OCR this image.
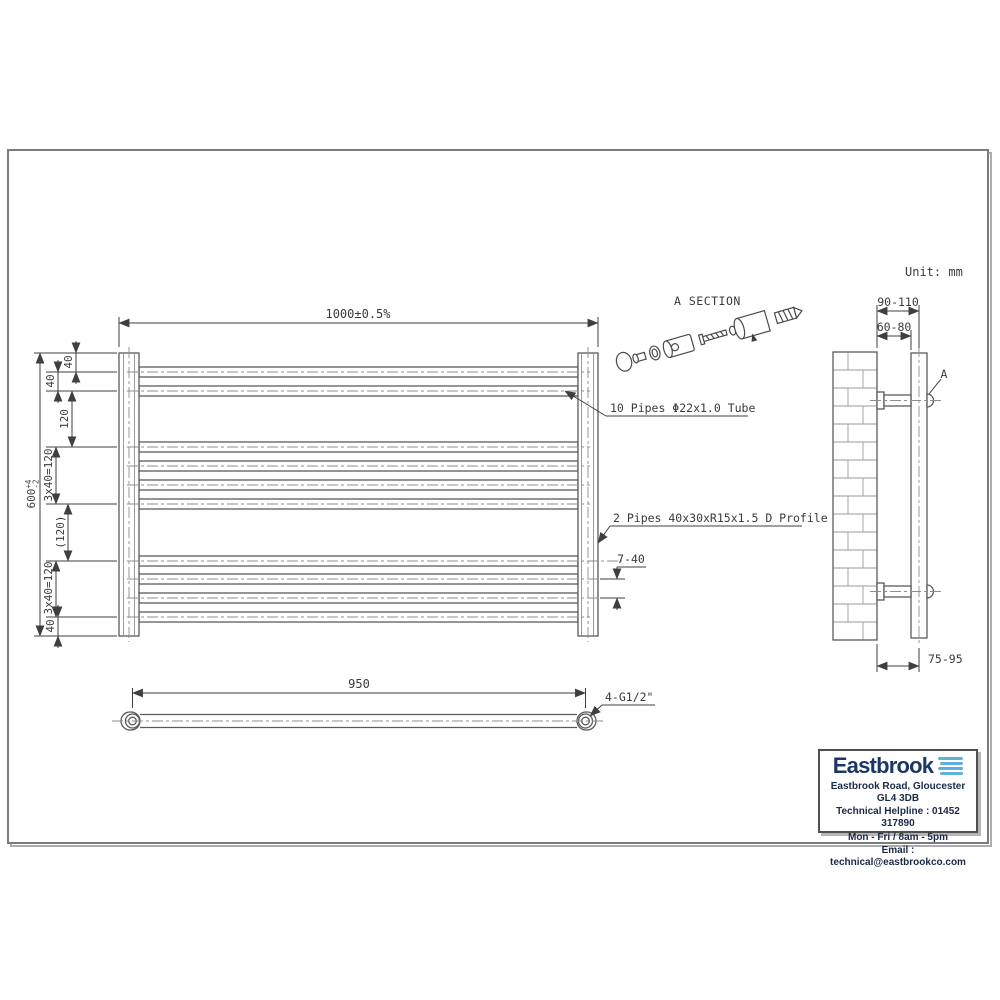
1000±0.5%
40
40
120
3x40=120
(120)
3x40=120
40
$600^{+4}-2$
10 Pipes Φ22x1.0 Tube
2 Pipes 40x30xR15x1.5 D Profile
7-40
950
4-G1/2"
90-110
60-80
75-95
A
A SECTION
Unit: mm
Eastbrook
Eastbrook Road, Gloucester GL4 3DB
Technical Helpline : 01452 317890
Mon - Fri / 8am - 5pm
Email : technical@eastbrookco.com
